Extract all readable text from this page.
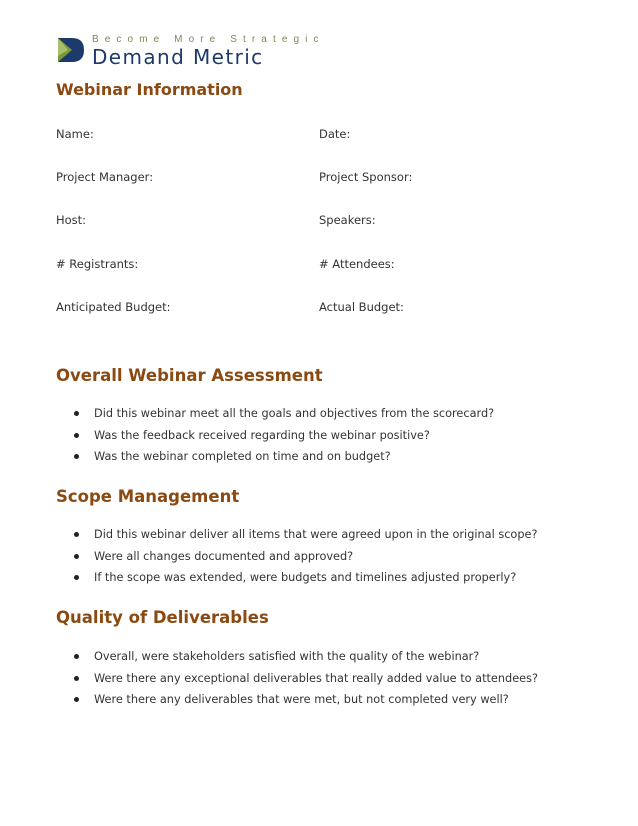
Become More Strategic
Demand Metric
Webinar Information
Name:	Date:
Project Manager:	Project Sponsor:
Host:	Speakers:
# Registrants:	# Attendees:
Anticipated Budget:	Actual Budget:
Overall Webinar Assessment
Did this webinar meet all the goals and objectives from the scorecard?
Was the feedback received regarding the webinar positive?
Was the webinar completed on time and on budget?
Scope Management
Did this webinar deliver all items that were agreed upon in the original scope?
Were all changes documented and approved?
If the scope was extended, were budgets and timelines adjusted properly?
Quality of Deliverables
Overall, were stakeholders satisfied with the quality of the webinar?
Were there any exceptional deliverables that really added value to attendees?
Were there any deliverables that were met, but not completed very well?
